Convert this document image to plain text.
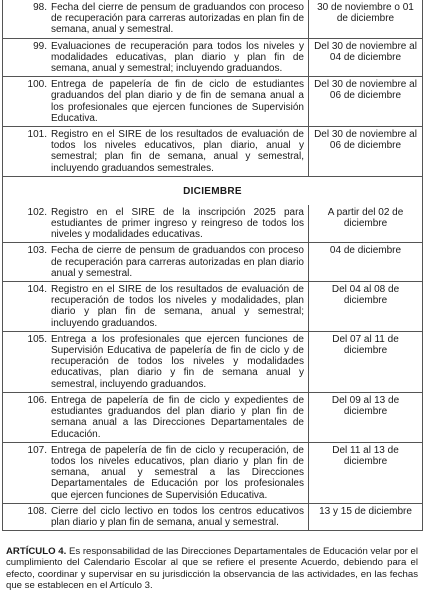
98. Fecha del cierre de pensum de graduandos con proceso de recuperación para carreras autorizadas en plan fin de semana, anual y semestral.
30 de noviembre o 01 de diciembre
99. Evaluaciones de recuperación para todos los niveles y modalidades educativas, plan diario y plan fin de semana, anual y semestral; incluyendo graduandos.
Del 30 de noviembre al 04 de diciembre
100. Entrega de papelería de fin de ciclo de estudiantes graduandos del plan diario y de fin de semana anual a los profesionales que ejercen funciones de Supervisión Educativa.
Del 30 de noviembre al 06 de diciembre
101. Registro en el SIRE de los resultados de evaluación de todos los niveles educativos, plan diario, anual y semestral; plan fin de semana, anual y semestral, incluyendo graduandos semestrales.
Del 30 de noviembre al 06 de diciembre
DICIEMBRE
102. Registro en el SIRE de la inscripción 2025 para estudiantes de primer ingreso y reingreso de todos los niveles y modalidades educativas.
A partir del 02 de diciembre
103. Fecha de cierre de pensum de graduandos con proceso de recuperación para carreras autorizadas en plan diario anual y semestral.
04 de diciembre
104. Registro en el SIRE de los resultados de evaluación de recuperación de todos los niveles y modalidades, plan diario y plan fin de semana, anual y semestral; incluyendo graduandos.
Del 04 al 08 de diciembre
105. Entrega a los profesionales que ejercen funciones de Supervisión Educativa de papelería de fin de ciclo y de recuperación de todos los niveles y modalidades educativas, plan diario y fin de semana anual y semestral, incluyendo graduandos.
Del 07 al 11 de diciembre
106. Entrega de papelería de fin de ciclo y expedientes de estudiantes graduandos del plan diario y plan fin de semana anual a las Direcciones Departamentales de Educación.
Del 09 al 13 de diciembre
107. Entrega de papelería de fin de ciclo y recuperación, de todos los niveles educativos, plan diario y plan fin de semana, anual y semestral a las Direcciones Departamentales de Educación por los profesionales que ejercen funciones de Supervisión Educativa.
Del 11 al 13 de diciembre
108. Cierre del ciclo lectivo en todos los centros educativos plan diario y plan fin de semana, anual y semestral.
13 y 15 de diciembre
ARTÍCULO 4. Es responsabilidad de las Direcciones Departamentales de Educación velar por el cumplimiento del Calendario Escolar al que se refiere el presente Acuerdo, debiendo para el efecto, coordinar y supervisar en su jurisdicción la observancia de las actividades, en las fechas que se establecen en el Artículo 3.
